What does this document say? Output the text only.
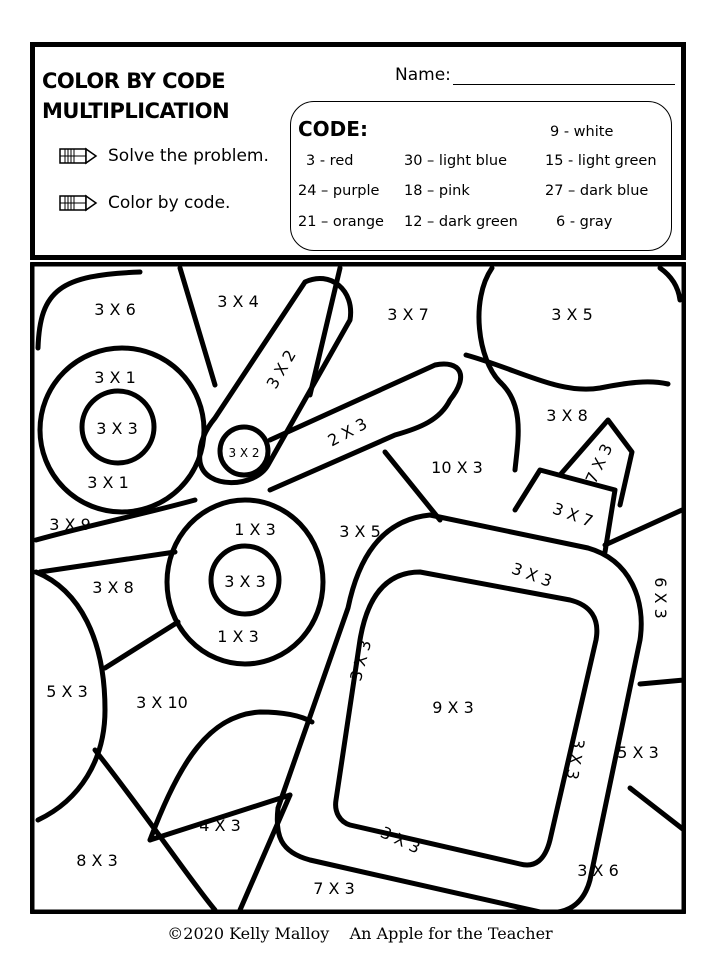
COLOR BY CODE
MULTIPLICATION
Solve the problem.
Color by code.
Name:
CODE:	9 - white
3 - red	30 – light blue	15 - light green
24 – purple 18 – pink	27 – dark blue
21 – orange 12 – dark green	6 - gray
3 X 6	3 X 4
3 X 7	3 X 5
3 X 1
3 X 3
3 X 1
3 X 2
3 X 2
2 X 3	3 X 8
10 X 3
3 X 9	1 X 3	3 X 5
7 X 3
3 X 7
3 X 8	3 X 3	3 X 3
1 X 3
6 X 3
5 X 3
3 X 10
3 X 3
9 X 3
3 X 3 5 X 3
4 X 3	3 X 3
8 X 3
3 X 6
7 X 3
©2020 Kelly Malloy An Apple for the Teacher
